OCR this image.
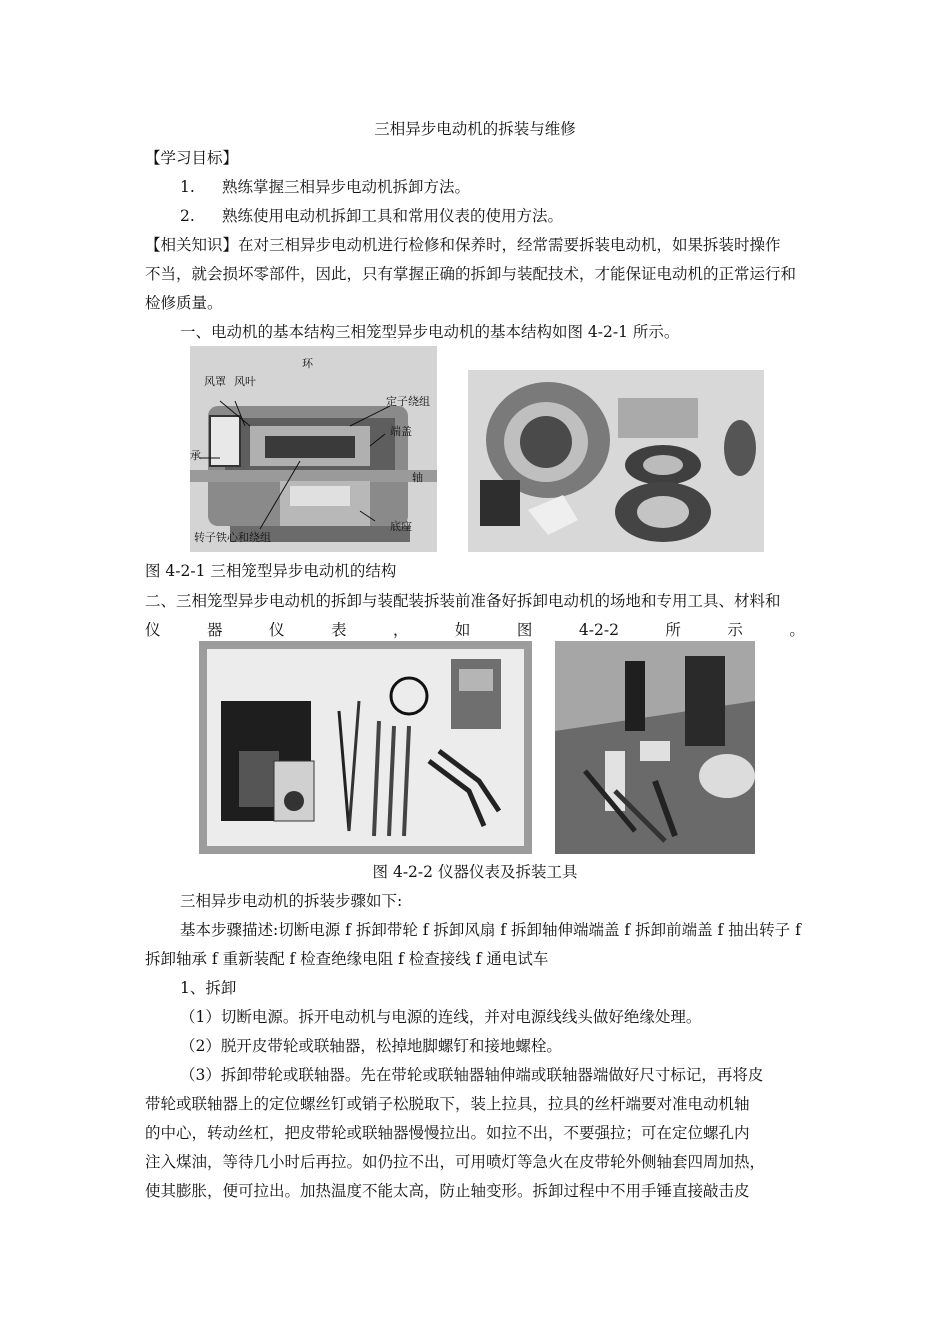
三相异步电动机的拆装与维修
【学习目标】
1. 熟练掌握三相异步电动机拆卸方法。
2. 熟练使用电动机拆卸工具和常用仪表的使用方法。
【相关知识】在对三相异步电动机进行检修和保养时，经常需要拆装电动机，如果拆装时操作
不当，就会损坏零部件，因此，只有掌握正确的拆卸与装配技术，才能保证电动机的正常运行和
检修质量。
一、电动机的基本结构三相笼型异步电动机的基本结构如图 4-2-1 所示。
环
风罩 风叶
定子绕组
端盖
承
轴
底座
转子铁心和绕组
图 4-2-1 三相笼型异步电动机的结构
二、三相笼型异步电动机的拆卸与装配装拆装前准备好拆卸电动机的场地和专用工具、材料和
仪	器	仪	表	，	如	图	4-2-2	所	示	。
图 4-2-2 仪器仪表及拆装工具
三相异步电动机的拆装步骤如下:
基本步骤描述:切断电源 f 拆卸带轮 f 拆卸风扇 f 拆卸轴伸端端盖 f 拆卸前端盖 f 抽出转子 f
拆卸轴承 f 重新装配 f 检查绝缘电阻 f 检查接线 f 通电试车
1、拆卸
（1）切断电源。拆开电动机与电源的连线，并对电源线线头做好绝缘处理。
（2）脱开皮带轮或联轴器，松掉地脚螺钉和接地螺栓。
（3）拆卸带轮或联轴器。先在带轮或联轴器轴伸端或联轴器端做好尺寸标记，再将皮
带轮或联轴器上的定位螺丝钉或销子松脱取下，装上拉具，拉具的丝杆端要对准电动机轴
的中心，转动丝杠，把皮带轮或联轴器慢慢拉出。如拉不出，不要强拉；可在定位螺孔内
注入煤油，等待几小时后再拉。如仍拉不出，可用喷灯等急火在皮带轮外侧轴套四周加热，
使其膨胀，便可拉出。加热温度不能太高，防止轴变形。拆卸过程中不用手锤直接敲击皮
